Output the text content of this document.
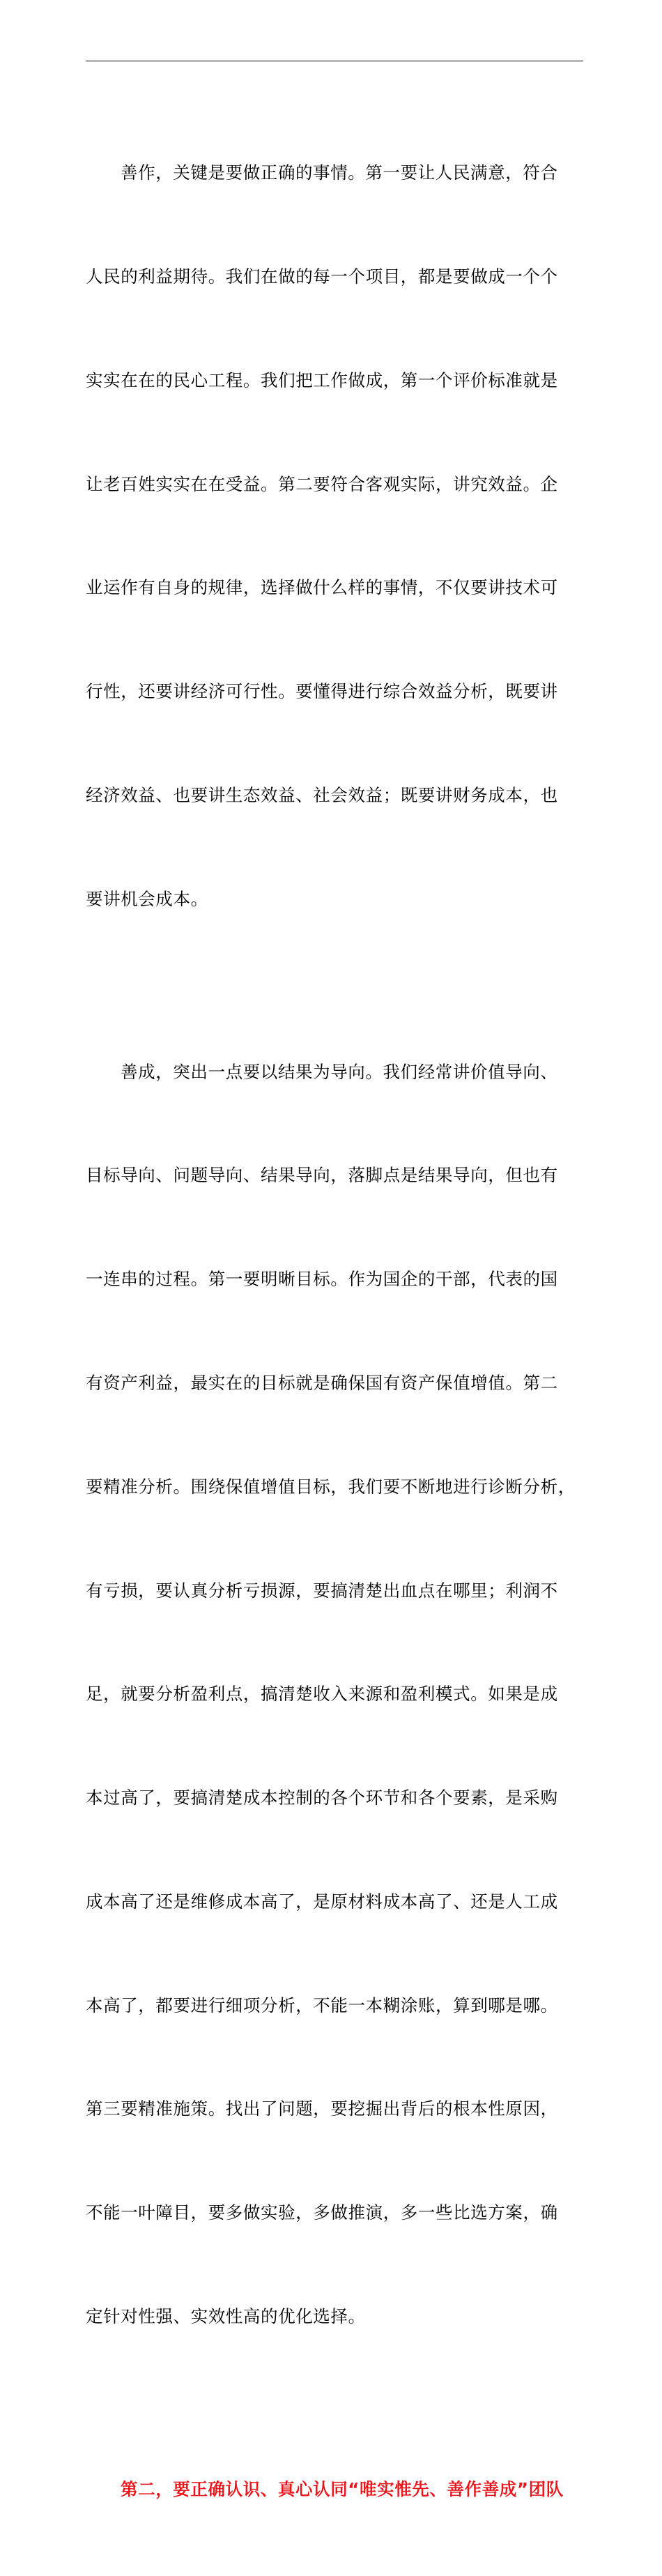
善作，关键是要做正确的事情。第一要让人民满意，符合

人民的利益期待。我们在做的每一个项目，都是要做成一个个

实实在在的民心工程。我们把工作做成，第一个评价标准就是

让老百姓实实在在受益。第二要符合客观实际，讲究效益。企

业运作有自身的规律，选择做什么样的事情，不仅要讲技术可

行性，还要讲经济可行性。要懂得进行综合效益分析，既要讲

经济效益、也要讲生态效益、社会效益；既要讲财务成本，也

要讲机会成本。

善成，突出一点要以结果为导向。我们经常讲价值导向、

目标导向、问题导向、结果导向，落脚点是结果导向，但也有

一连串的过程。第一要明晰目标。作为国企的干部，代表的国

有资产利益，最实在的目标就是确保国有资产保值增值。第二

要精准分析。围绕保值增值目标，我们要不断地进行诊断分析，

有亏损，要认真分析亏损源，要搞清楚出血点在哪里；利润不

足，就要分析盈利点，搞清楚收入来源和盈利模式。如果是成

本过高了，要搞清楚成本控制的各个环节和各个要素，是采购

成本高了还是维修成本高了，是原材料成本高了、还是人工成

本高了，都要进行细项分析，不能一本糊涂账，算到哪是哪。

第三要精准施策。找出了问题，要挖掘出背后的根本性原因，

不能一叶障目，要多做实验，多做推演，多一些比选方案，确

定针对性强、实效性高的优化选择。

第二，要正确认识、真心认同“唯实惟先、善作善成”团队
